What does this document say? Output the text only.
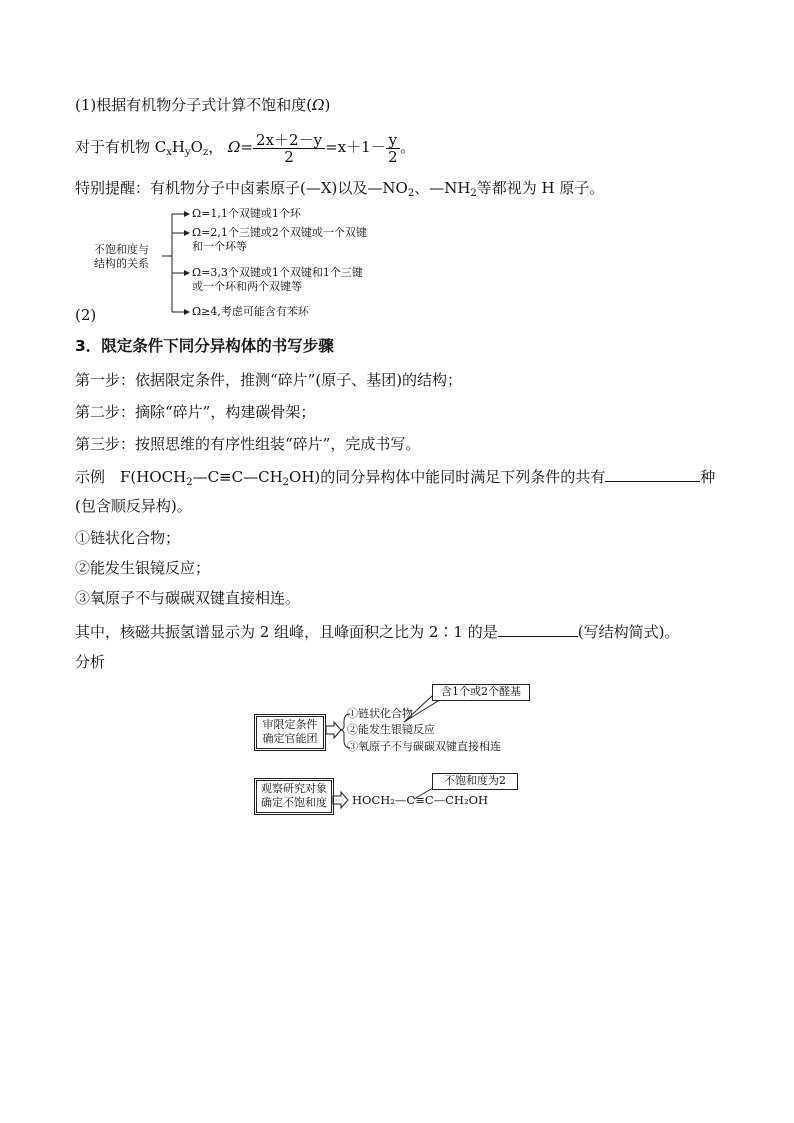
(1)根据有机物分子式计算不饱和度(Ω)
对于有机物 $C_xH_yO_z$， $\Omega= \frac{2x+2-y}{2} =x+1- \frac{y}{2}$ 。
特别提醒：有机物分子中卤素原子(—X)以及$—NO_2$、$—NH_2$等都视为 H 原子。
不饱和度与
结构的关系
Ω=1,1个双键或1个环
Ω=2,1个三键或2个双键或一个双键
和一个环等
Ω=3,3个双键或1个双键和1个三键
或一个环和两个双键等
Ω≥4,考虑可能含有苯环
(2)
3．限定条件下同分异构体的书写步骤
第一步：依据限定条件，推测“碎片”(原子、基团)的结构；
第二步：摘除“碎片”，构建碳骨架；
第三步：按照思维的有序性组装“碎片”，完成书写。
示例　$F(HOCH_2—C\equiv C—CH_2OH)$的同分异构体中能同时满足下列条件的共有	种
(包含顺反异构)。
①链状化合物；
②能发生银镜反应；
③氧原子不与碳碳双键直接相连。
其中，核磁共振氢谱显示为 2 组峰，且峰面积之比为 2∶1 的是	(写结构简式)。
分析
审限定条件
确定官能团
①链状化合物
②能发生银镜反应
③氧原子不与碳碳双键直接相连
含1个或2个醛基
观察研究对象
确定不饱和度	HOCH₂—C≡C—CH₂OH
不饱和度为2
